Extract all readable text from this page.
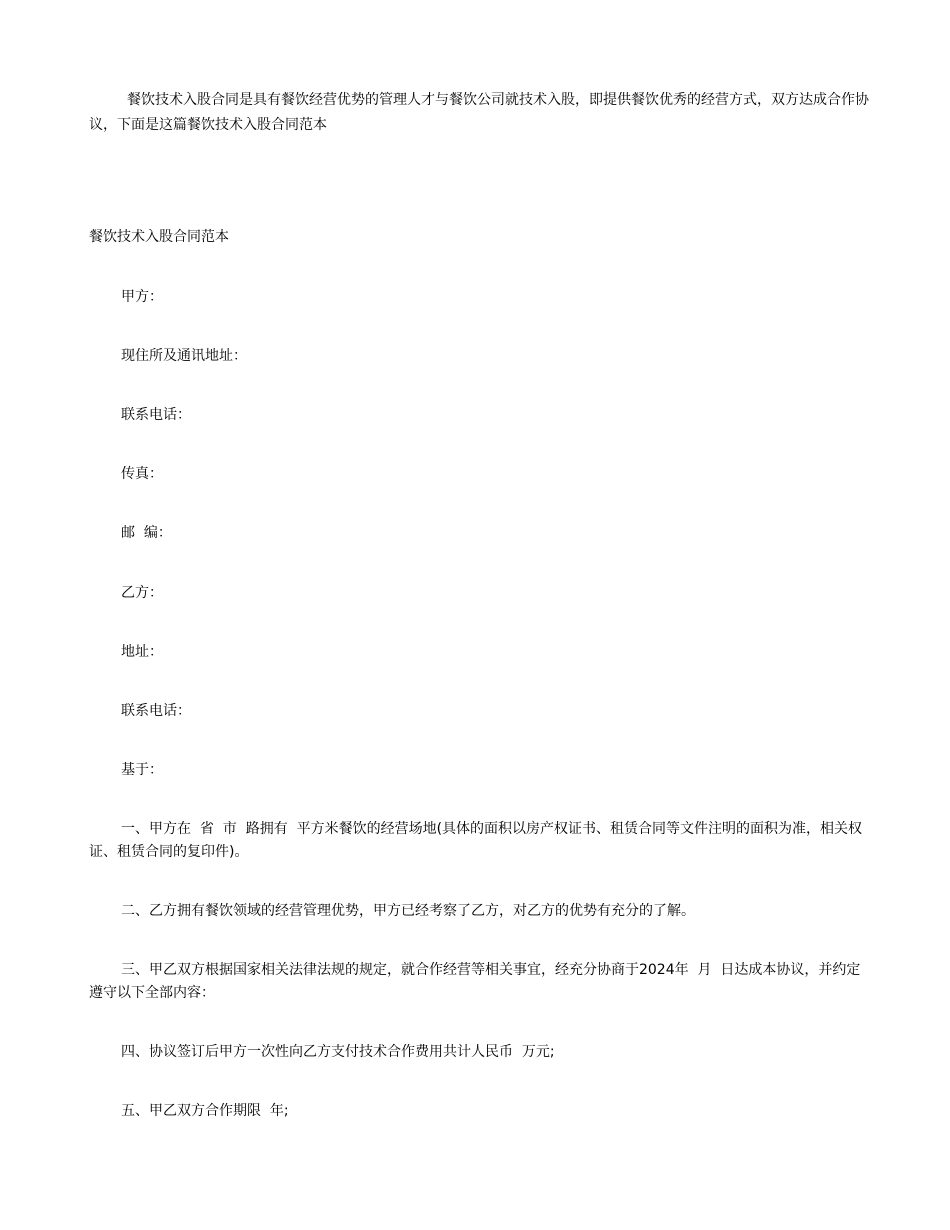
餐饮技术入股合同是具有餐饮经营优势的管理人才与餐饮公司就技术入股，即提供餐饮优秀的经营方式，双方达成合作协议，下面是这篇餐饮技术入股合同范本

餐饮技术入股合同范本

甲方：

现住所及通讯地址：

联系电话：

传真：

邮  编：

乙方：

地址：

联系电话：

基于：

一、甲方在  省  市  路拥有  平方米餐饮的经营场地(具体的面积以房产权证书、租赁合同等文件注明的面积为准，相关权证、租赁合同的复印件)。

二、乙方拥有餐饮领域的经营管理优势，甲方已经考察了乙方，对乙方的优势有充分的了解。

三、甲乙双方根据国家相关法律法规的规定，就合作经营等相关事宜，经充分协商于2024年  月  日达成本协议，并约定遵守以下全部内容：

四、协议签订后甲方一次性向乙方支付技术合作费用共计人民币  万元;

五、甲乙双方合作期限  年;
